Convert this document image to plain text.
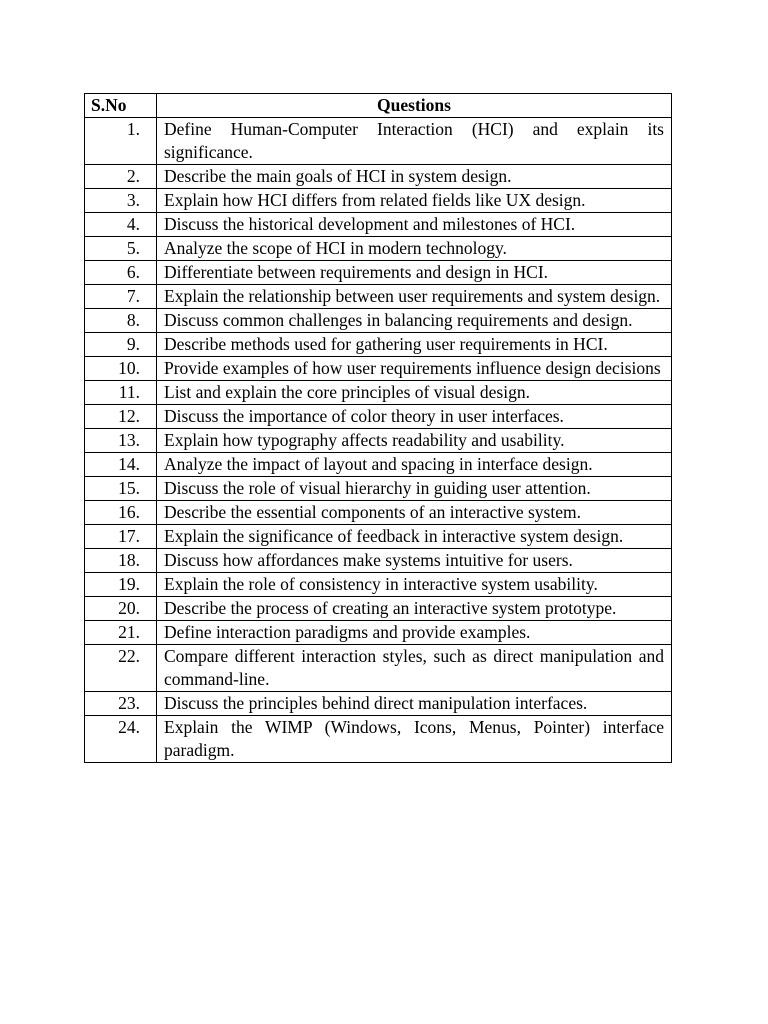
S.No	Questions
1.	Define Human-Computer Interaction (HCI) and explain its significance.
2.	Describe the main goals of HCI in system design.
3.	Explain how HCI differs from related fields like UX design.
4.	Discuss the historical development and milestones of HCI.
5.	Analyze the scope of HCI in modern technology.
6.	Differentiate between requirements and design in HCI.
7.	Explain the relationship between user requirements and system design.
8.	Discuss common challenges in balancing requirements and design.
9.	Describe methods used for gathering user requirements in HCI.
10.	Provide examples of how user requirements influence design decisions
11.	List and explain the core principles of visual design.
12.	Discuss the importance of color theory in user interfaces.
13.	Explain how typography affects readability and usability.
14.	Analyze the impact of layout and spacing in interface design.
15.	Discuss the role of visual hierarchy in guiding user attention.
16.	Describe the essential components of an interactive system.
17.	Explain the significance of feedback in interactive system design.
18.	Discuss how affordances make systems intuitive for users.
19.	Explain the role of consistency in interactive system usability.
20.	Describe the process of creating an interactive system prototype.
21.	Define interaction paradigms and provide examples.
22.	Compare different interaction styles, such as direct manipulation and command-line.
23.	Discuss the principles behind direct manipulation interfaces.
24.	Explain the WIMP (Windows, Icons, Menus, Pointer) interface paradigm.
